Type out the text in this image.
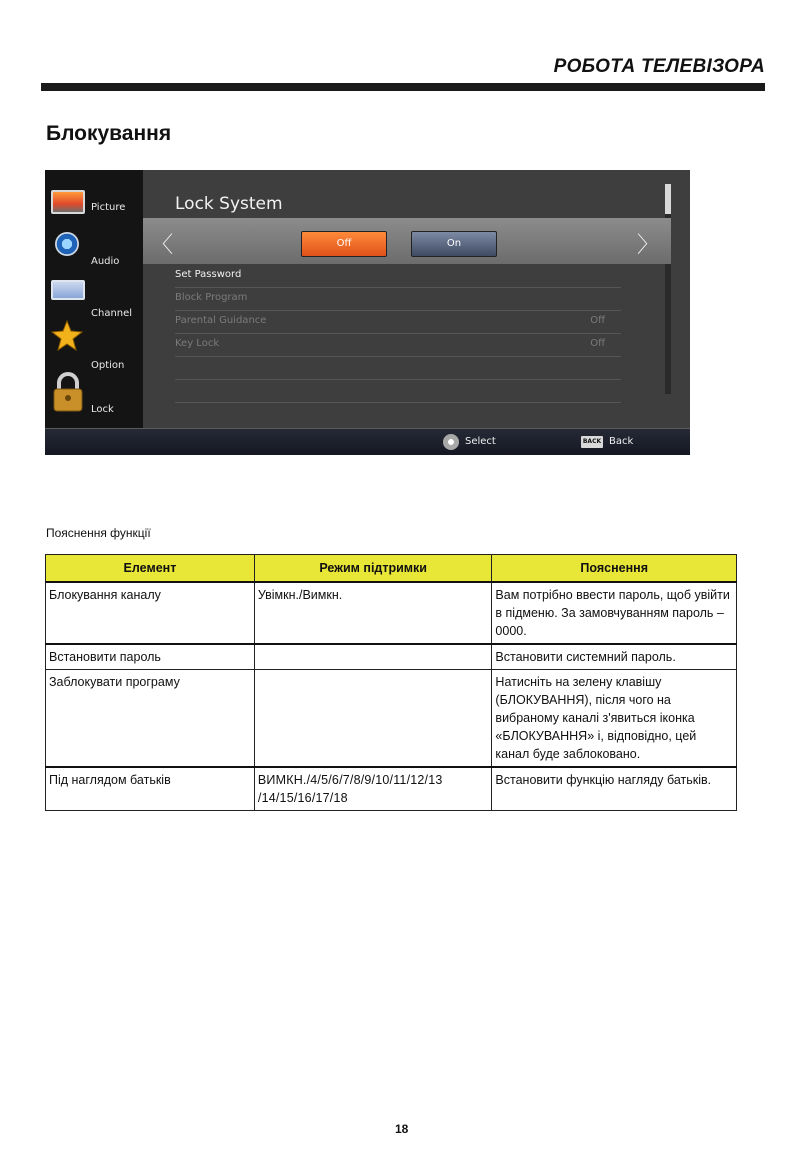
РОБОТА ТЕЛЕВІЗОРА
Блокування
Picture
Audio
Channel
Option
Lock
Lock System
〈	Off	On	〉
Set Password
Block Program
Parental Guidance	Off
Key Lock	Off
Select	BACK Back
Пояснення функції
Елемент	Режим підтримки	Пояснення
Блокування каналу	Увімкн./Вимкн.	Вам потрібно ввести пароль, щоб увійти в підменю. За замовчуванням пароль – 0000.
Встановити пароль		Встановити системний пароль.
Заблокувати програму		Натисніть на зелену клавішу (БЛОКУВАННЯ), після чого на вибраному каналі з'явиться іконка «БЛОКУВАННЯ» і, відповідно, цей канал буде заблоковано.
Під наглядом батьків	ВИМКН./4/5/6/7/8/9/10/11/12/13 /14/15/16/17/18	Встановити функцію нагляду батьків.
18
